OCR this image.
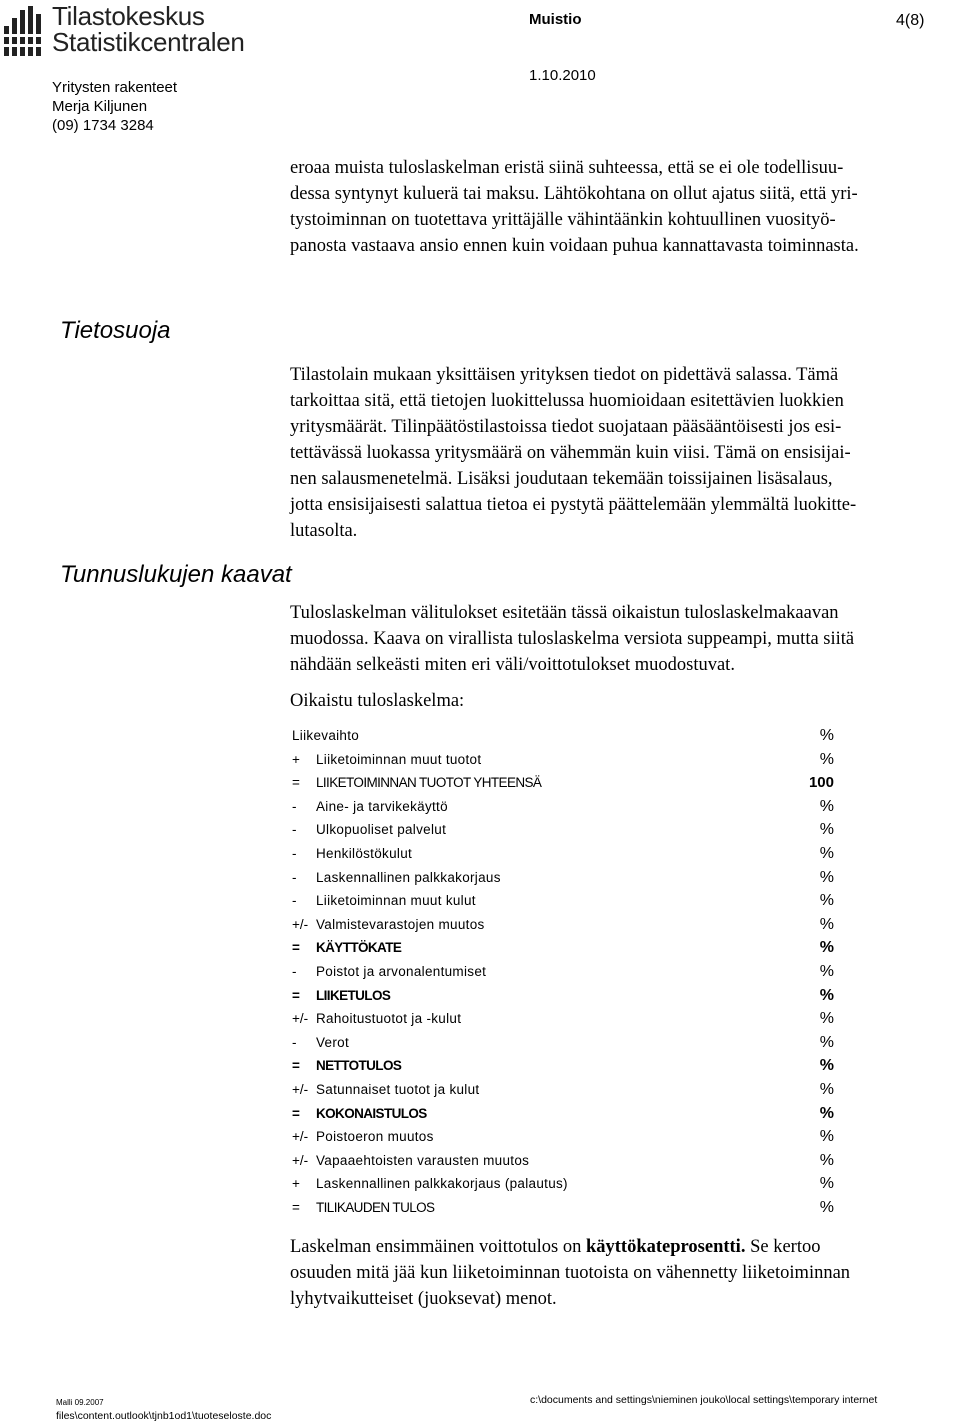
Tilastokeskus
Statistikcentralen
Muistio	4(8)
Yritysten rakenteet
Merja Kiljunen
(09) 1734 3284
1.10.2010
eroaa muista tuloslaskelman eristä siinä suhteessa, että se ei ole todellisuu-
dessa syntynyt kuluerä tai maksu. Lähtökohtana on ollut ajatus siitä, että yri-
tystoiminnan on tuotettava yrittäjälle vähintäänkin kohtuullinen vuosityö-
panosta vastaava ansio ennen kuin voidaan puhua kannattavasta toiminnasta.
Tietosuoja
Tilastolain mukaan yksittäisen yrityksen tiedot on pidettävä salassa. Tämä
tarkoittaa sitä, että tietojen luokittelussa huomioidaan esitettävien luokkien
yritysmäärät. Tilinpäätöstilastoissa tiedot suojataan pääsääntöisesti jos esi-
tettävässä luokassa yritysmäärä on vähemmän kuin viisi. Tämä on ensisijai-
nen salausmenetelmä. Lisäksi joudutaan tekemään toissijainen lisäsalaus,
jotta ensisijaisesti salattua tietoa ei pystytä päättelemään ylemmältä luokitte-
lutasolta.
Tunnuslukujen kaavat
Tuloslaskelman välitulokset esitetään tässä oikaistun tuloslaskelmakaavan
muodossa. Kaava on virallista tuloslaskelma versiota suppeampi, mutta siitä
nähdään selkeästi miten eri väli/voittotulokset muodostuvat.
Oikaistu tuloslaskelma:
Liikevaihto	%
+	Liiketoiminnan muut tuotot	%
=	LIIKETOIMINNAN TUOTOT YHTEENSÄ	100
-	Aine- ja tarvikekäyttö	%
-	Ulkopuoliset palvelut	%
-	Henkilöstökulut	%
-	Laskennallinen palkkakorjaus	%
-	Liiketoiminnan muut kulut	%
+/- Valmistevarastojen muutos	%
=	KÄYTTÖKATE	%
-	Poistot ja arvonalentumiset	%
=	LIIKETULOS	%
+/- Rahoitustuotot ja -kulut	%
-	Verot	%
=	NETTOTULOS	%
+/- Satunnaiset tuotot ja kulut	%
=	KOKONAISTULOS	%
+/- Poistoeron muutos	%
+/- Vapaaehtoisten varausten muutos	%
+	Laskennallinen palkkakorjaus (palautus)	%
=	TILIKAUDEN TULOS	%
Laskelman ensimmäinen voittotulos on käyttökateprosentti. Se kertoo
osuuden mitä jää kun liiketoiminnan tuotoista on vähennetty liiketoiminnan
lyhytvaikutteiset (juoksevat) menot.
Malli 09.2007	c:\documents and settings\nieminen jouko\local settings\temporary internet
files\content.outlook\tjnb1od1\tuoteseloste.doc
